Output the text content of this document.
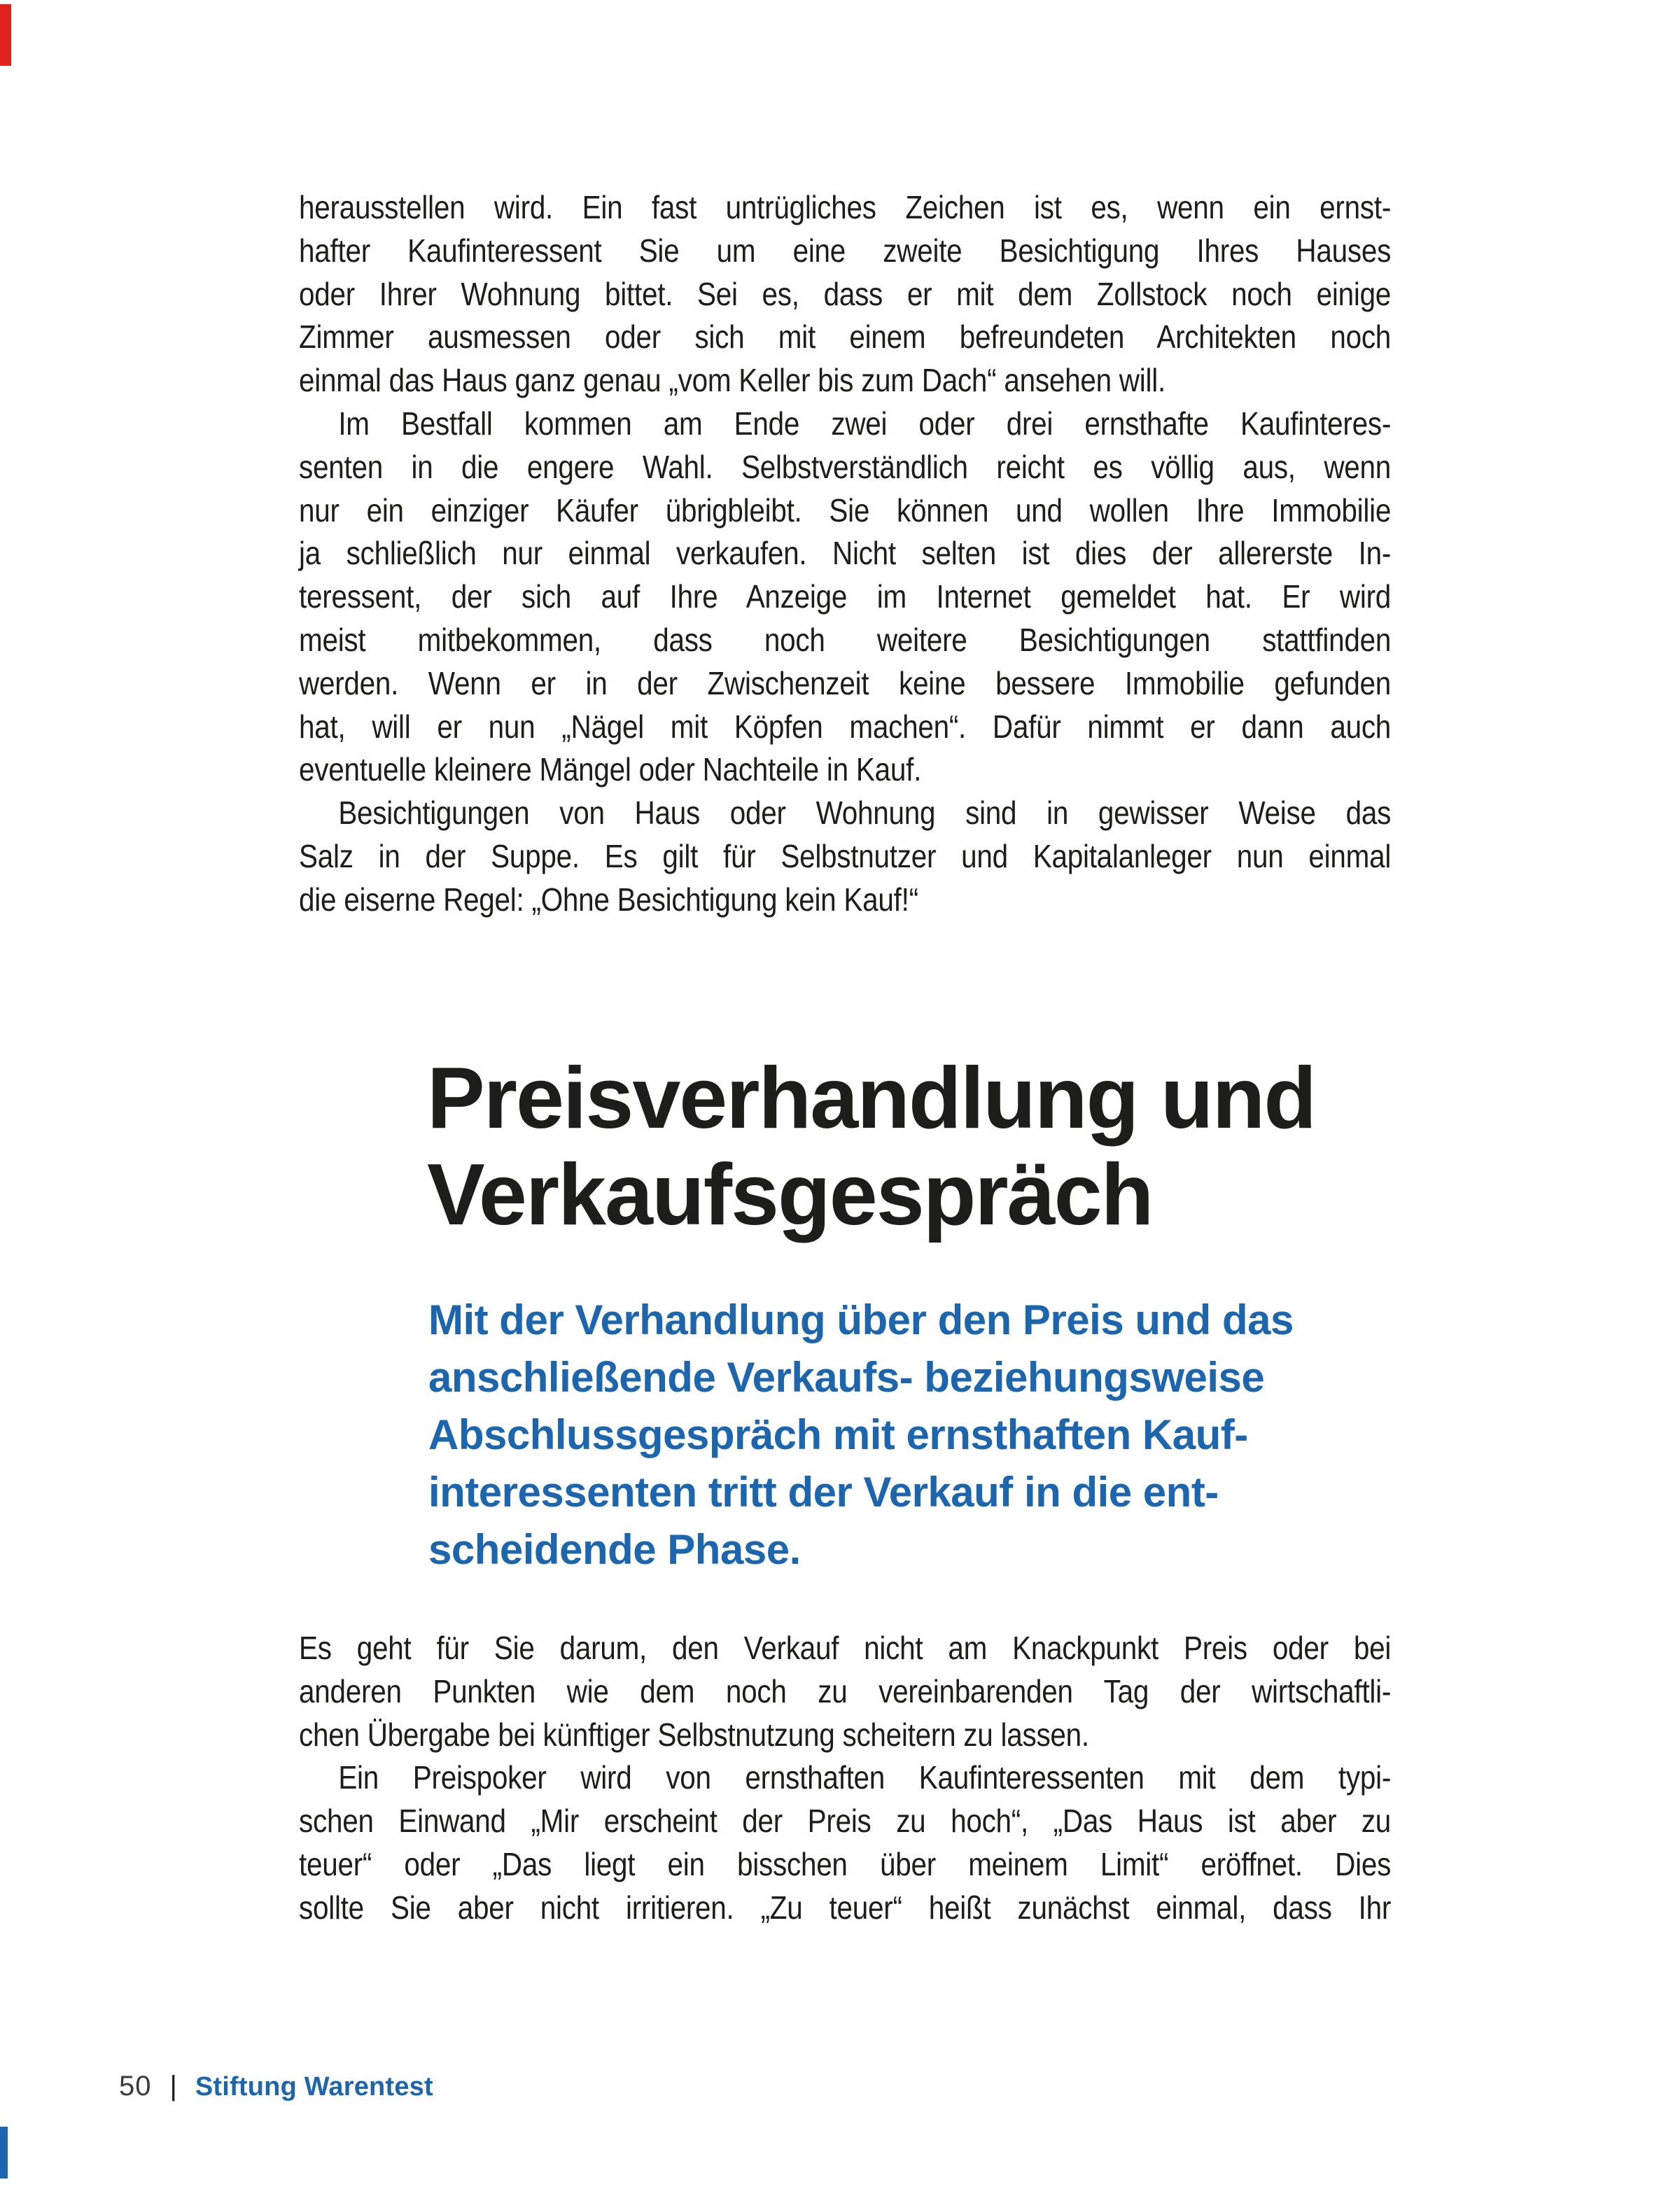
herausstellen wird. Ein fast untrügliches Zeichen ist es, wenn ein ernst-
hafter Kaufinteressent Sie um eine zweite Besichtigung Ihres Hauses
oder Ihrer Wohnung bittet. Sei es, dass er mit dem Zollstock noch einige
Zimmer ausmessen oder sich mit einem befreundeten Architekten noch
einmal das Haus ganz genau „vom Keller bis zum Dach“ ansehen will.
Im Bestfall kommen am Ende zwei oder drei ernsthafte Kaufinteres-
senten in die engere Wahl. Selbstverständlich reicht es völlig aus, wenn
nur ein einziger Käufer übrigbleibt. Sie können und wollen Ihre Immobilie
ja schließlich nur einmal verkaufen. Nicht selten ist dies der allererste In-
teressent, der sich auf Ihre Anzeige im Internet gemeldet hat. Er wird
meist mitbekommen, dass noch weitere Besichtigungen stattfinden
werden. Wenn er in der Zwischenzeit keine bessere Immobilie gefunden
hat, will er nun „Nägel mit Köpfen machen“. Dafür nimmt er dann auch
eventuelle kleinere Mängel oder Nachteile in Kauf.
Besichtigungen von Haus oder Wohnung sind in gewisser Weise das
Salz in der Suppe. Es gilt für Selbstnutzer und Kapitalanleger nun einmal
die eiserne Regel: „Ohne Besichtigung kein Kauf!“
Preisverhandlung und
Verkaufsgespräch
Mit der Verhandlung über den Preis und das
anschließende Verkaufs- beziehungsweise
Abschlussgespräch mit ernsthaften Kauf-
interessenten tritt der Verkauf in die ent-
scheidende Phase.
Es geht für Sie darum, den Verkauf nicht am Knackpunkt Preis oder bei
anderen Punkten wie dem noch zu vereinbarenden Tag der wirtschaftli-
chen Übergabe bei künftiger Selbstnutzung scheitern zu lassen.
Ein Preispoker wird von ernsthaften Kaufinteressenten mit dem typi-
schen Einwand „Mir erscheint der Preis zu hoch“, „Das Haus ist aber zu
teuer“ oder „Das liegt ein bisschen über meinem Limit“ eröffnet. Dies
sollte Sie aber nicht irritieren. „Zu teuer“ heißt zunächst einmal, dass Ihr
50 | Stiftung Warentest
